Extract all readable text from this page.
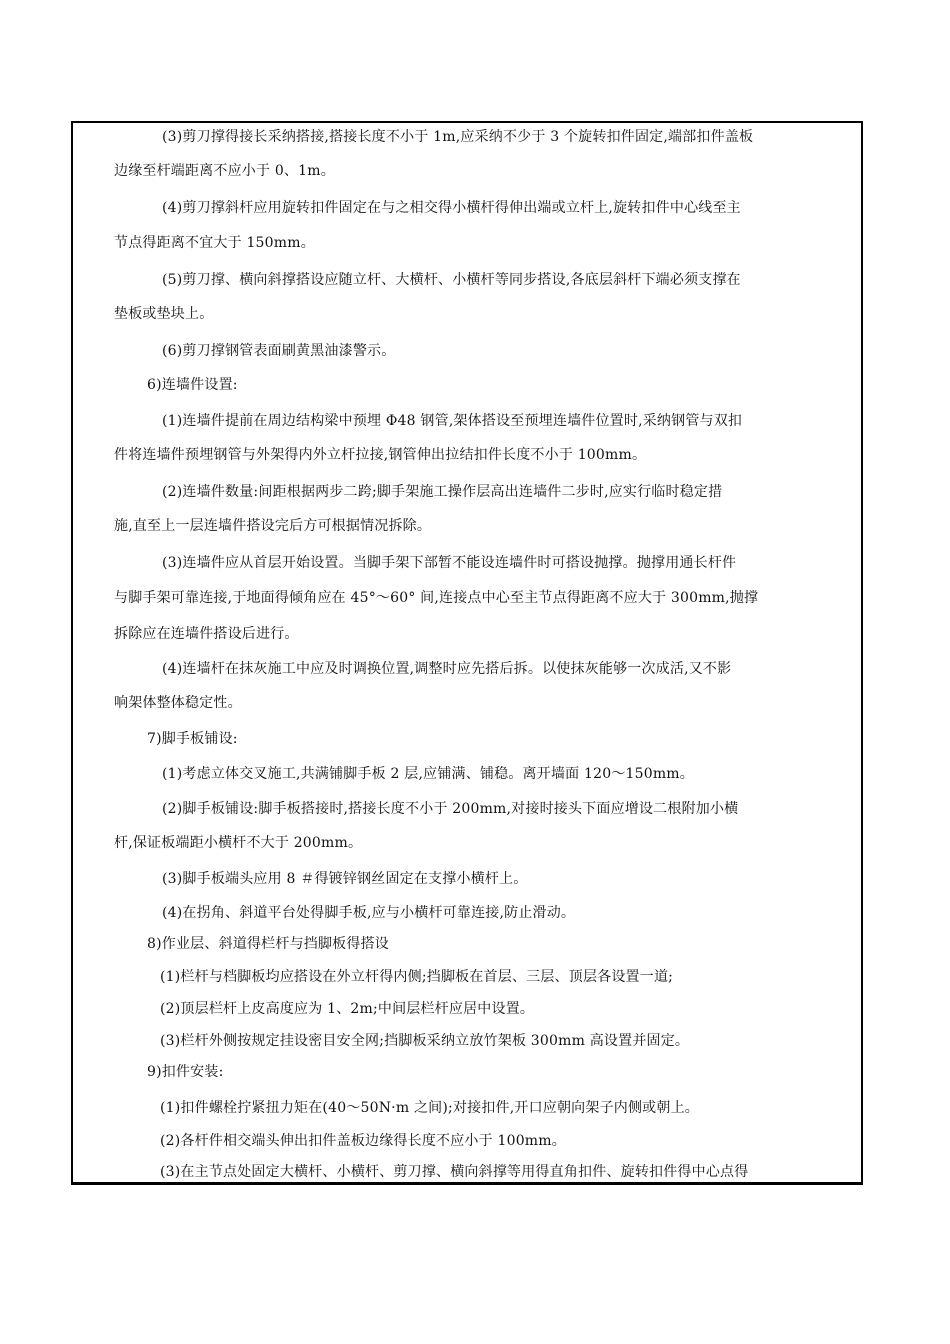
(3)剪刀撑得接长采纳搭接,搭接长度不小于 1m,应采纳不少于 3 个旋转扣件固定,端部扣件盖板
边缘至杆端距离不应小于 0、1m。
(4)剪刀撑斜杆应用旋转扣件固定在与之相交得小横杆得伸出端或立杆上,旋转扣件中心线至主
节点得距离不宜大于 150mm。
(5)剪刀撑、横向斜撑搭设应随立杆、大横杆、小横杆等同步搭设,各底层斜杆下端必须支撑在
垫板或垫块上。
(6)剪刀撑钢管表面刷黄黑油漆警示。
6)连墙件设置:
(1)连墙件提前在周边结构梁中预埋 Φ48 钢管,架体搭设至预埋连墙件位置时,采纳钢管与双扣
件将连墙件预埋钢管与外架得内外立杆拉接,钢管伸出拉结扣件长度不小于 100mm。
(2)连墙件数量:间距根据两步二跨;脚手架施工操作层高出连墙件二步时,应实行临时稳定措
施,直至上一层连墙件搭设完后方可根据情况拆除。
(3)连墙件应从首层开始设置。当脚手架下部暂不能设连墙件时可搭设抛撑。抛撑用通长杆件
与脚手架可靠连接,于地面得倾角应在 45°～60° 间,连接点中心至主节点得距离不应大于 300mm,抛撑
拆除应在连墙件搭设后进行。
(4)连墙杆在抹灰施工中应及时调换位置,调整时应先搭后拆。以使抹灰能够一次成活,又不影
响架体整体稳定性。
7)脚手板铺设:
(1)考虑立体交叉施工,共满铺脚手板 2 层,应铺满、铺稳。离开墙面 120～150mm。
(2)脚手板铺设:脚手板搭接时,搭接长度不小于 200mm,对接时接头下面应增设二根附加小横
杆,保证板端距小横杆不大于 200mm。
(3)脚手板端头应用 8 ＃得镀锌钢丝固定在支撑小横杆上。
(4)在拐角、斜道平台处得脚手板,应与小横杆可靠连接,防止滑动。
8)作业层、斜道得栏杆与挡脚板得搭设
(1)栏杆与档脚板均应搭设在外立杆得内侧;挡脚板在首层、三层、顶层各设置一道;
(2)顶层栏杆上皮高度应为 1、2m;中间层栏杆应居中设置。
(3)栏杆外侧按规定挂设密目安全网;挡脚板采纳立放竹架板 300mm 高设置并固定。
9)扣件安装:
(1)扣件螺栓拧紧扭力矩在(40～50N·m 之间);对接扣件,开口应朝向架子内侧或朝上。
(2)各杆件相交端头伸出扣件盖板边缘得长度不应小于 100mm。
(3)在主节点处固定大横杆、小横杆、剪刀撑、横向斜撑等用得直角扣件、旋转扣件得中心点得
